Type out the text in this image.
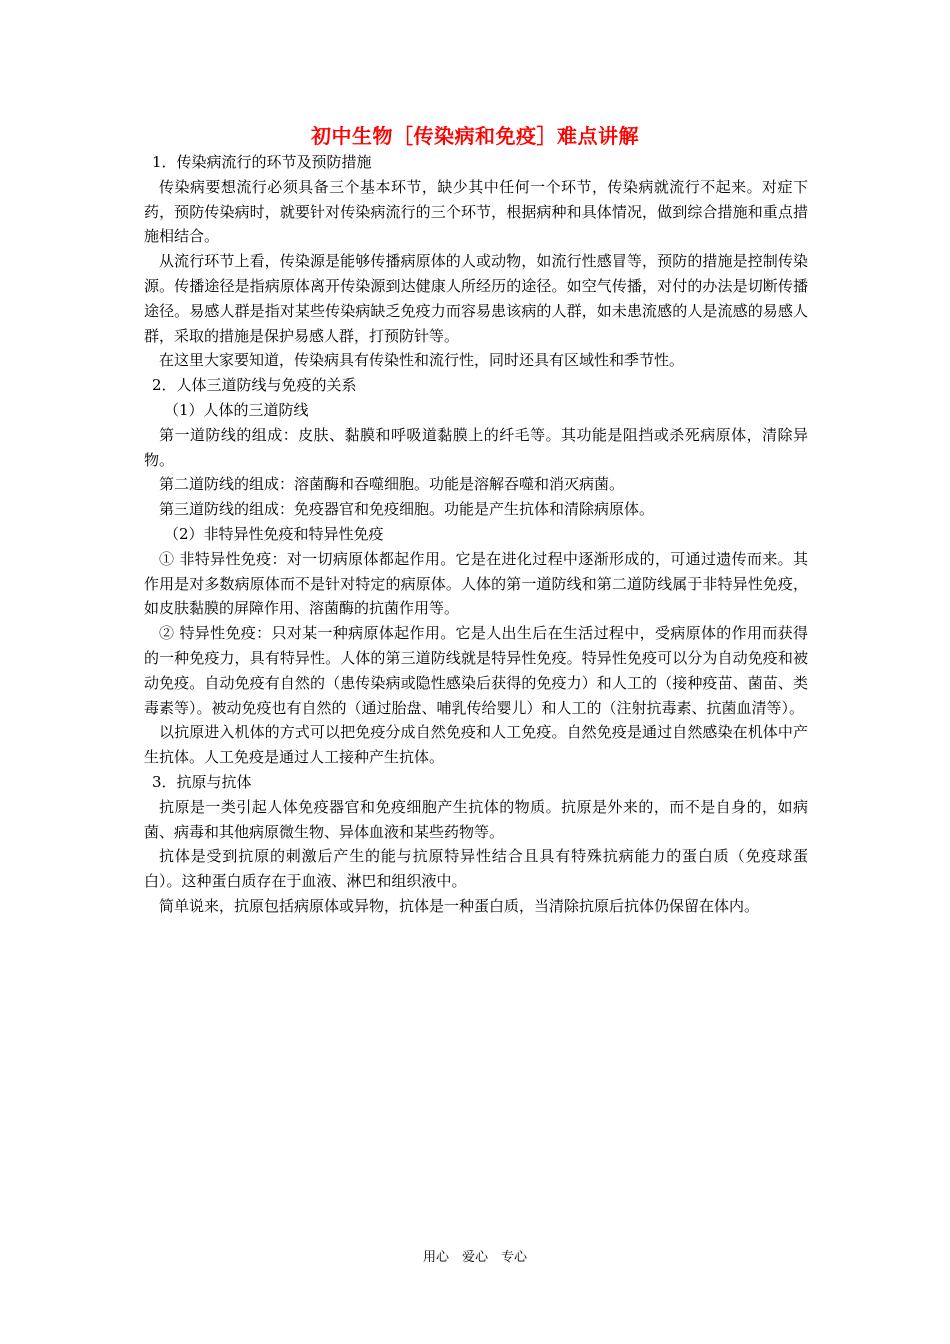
初中生物［传染病和免疫］难点讲解

1．传染病流行的环节及预防措施

传染病要想流行必须具备三个基本环节，缺少其中任何一个环节，传染病就流行不起来。对症下药，预防传染病时，就要针对传染病流行的三个环节，根据病种和具体情况，做到综合措施和重点措施相结合。

从流行环节上看，传染源是能够传播病原体的人或动物，如流行性感冒等，预防的措施是控制传染源。传播途径是指病原体离开传染源到达健康人所经历的途径。如空气传播，对付的办法是切断传播途径。易感人群是指对某些传染病缺乏免疫力而容易患该病的人群，如未患流感的人是流感的易感人群，采取的措施是保护易感人群，打预防针等。

在这里大家要知道，传染病具有传染性和流行性，同时还具有区域性和季节性。

2．人体三道防线与免疫的关系

（1）人体的三道防线

第一道防线的组成：皮肤、黏膜和呼吸道黏膜上的纤毛等。其功能是阻挡或杀死病原体，清除异物。

第二道防线的组成：溶菌酶和吞噬细胞。功能是溶解吞噬和消灭病菌。

第三道防线的组成：免疫器官和免疫细胞。功能是产生抗体和清除病原体。

（2）非特异性免疫和特异性免疫

① 非特异性免疫：对一切病原体都起作用。它是在进化过程中逐渐形成的，可通过遗传而来。其作用是对多数病原体而不是针对特定的病原体。人体的第一道防线和第二道防线属于非特异性免疫，如皮肤黏膜的屏障作用、溶菌酶的抗菌作用等。

② 特异性免疫：只对某一种病原体起作用。它是人出生后在生活过程中，受病原体的作用而获得的一种免疫力，具有特异性。人体的第三道防线就是特异性免疫。特异性免疫可以分为自动免疫和被动免疫。自动免疫有自然的（患传染病或隐性感染后获得的免疫力）和人工的（接种疫苗、菌苗、类毒素等）。被动免疫也有自然的（通过胎盘、哺乳传给婴儿）和人工的（注射抗毒素、抗菌血清等）。

以抗原进入机体的方式可以把免疫分成自然免疫和人工免疫。自然免疫是通过自然感染在机体中产生抗体。人工免疫是通过人工接种产生抗体。

3．抗原与抗体

抗原是一类引起人体免疫器官和免疫细胞产生抗体的物质。抗原是外来的，而不是自身的，如病菌、病毒和其他病原微生物、异体血液和某些药物等。

抗体是受到抗原的刺激后产生的能与抗原特异性结合且具有特殊抗病能力的蛋白质（免疫球蛋白）。这种蛋白质存在于血液、淋巴和组织液中。

简单说来，抗原包括病原体或异物，抗体是一种蛋白质，当清除抗原后抗体仍保留在体内。

用心　爱心　专心
